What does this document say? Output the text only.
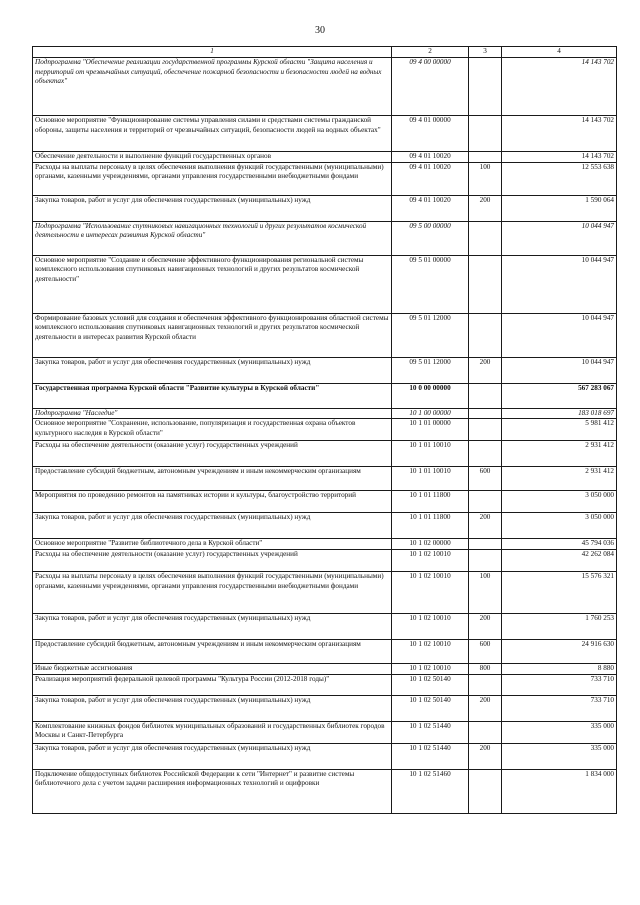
30
1	2	3	4
Подпрограмма "Обеспечение реализации государственной программы Курской области "Защита населения и территорий от чрезвычайных ситуаций, обеспечение пожарной безопасности и безопасности людей на водных объектах"	09 4 00 00000		14 143 702
Основное мероприятие "Функционирование системы управления силами и средствами системы гражданской обороны, защиты населения и территорий от чрезвычайных ситуаций, безопасности людей на водных объектах"	09 4 01 00000		14 143 702
Обеспечение деятельности и выполнение функций государственных органов	09 4 01 10020		14 143 702
Расходы на выплаты персоналу в целях обеспечения выполнения функций государственными (муниципальными) органами, казенными учреждениями, органами управления государственными внебюджетными фондами	09 4 01 10020	100	12 553 638
Закупка товаров, работ и услуг для обеспечения государственных (муниципальных) нужд	09 4 01 10020	200	1 590 064
Подпрограмма "Использование спутниковых навигационных технологий и других результатов космической деятельности в интересах развития Курской области"	09 5 00 00000		10 044 947
Основное мероприятие "Создание и обеспечение эффективного функционирования региональной системы комплексного использования спутниковых навигационных технологий и других результатов космической деятельности"	09 5 01 00000		10 044 947
Формирование базовых условий для создания и обеспечения эффективного функционирования областной системы комплексного использования спутниковых навигационных технологий и других результатов космической деятельности в интересах развития Курской области	09 5 01 12000		10 044 947
Закупка товаров, работ и услуг для обеспечения государственных (муниципальных) нужд	09 5 01 12000	200	10 044 947
Государственная программа Курской области "Развитие культуры в Курской области"	10 0 00 00000		567 283 067
Подпрограмма "Наследие"	10 1 00 00000		183 018 697
Основное мероприятие "Сохранение, использование, популяризация и государственная охрана объектов культурного наследия в Курской области"	10 1 01 00000		5 981 412
Расходы на обеспечение деятельности (оказание услуг) государственных учреждений	10 1 01 10010		2 931 412
Предоставление субсидий бюджетным, автономным учреждениям и иным некоммерческим организациям	10 1 01 10010	600	2 931 412
Мероприятия по проведению ремонтов на памятниках истории и культуры, благоустройство территорий	10 1 01 11800		3 050 000
Закупка товаров, работ и услуг для обеспечения государственных (муниципальных) нужд	10 1 01 11800	200	3 050 000
Основное мероприятие "Развитие библиотечного дела в Курской области"	10 1 02 00000		45 794 036
Расходы на обеспечение деятельности (оказание услуг) государственных учреждений	10 1 02 10010		42 262 084
Расходы на выплаты персоналу в целях обеспечения выполнения функций государственными (муниципальными) органами, казенными учреждениями, органами управления государственными внебюджетными фондами	10 1 02 10010	100	15 576 321
Закупка товаров, работ и услуг для обеспечения государственных (муниципальных) нужд	10 1 02 10010	200	1 760 253
Предоставление субсидий бюджетным, автономным учреждениям и иным некоммерческим организациям	10 1 02 10010	600	24 916 630
Иные бюджетные ассигнования	10 1 02 10010	800	8 880
Реализация мероприятий федеральной целевой программы "Культура России (2012-2018 годы)"	10 1 02 50140		733 710
Закупка товаров, работ и услуг для обеспечения государственных (муниципальных) нужд	10 1 02 50140	200	733 710
Комплектование книжных фондов библиотек муниципальных образований и государственных библиотек городов Москвы и Санкт-Петербурга	10 1 02 51440		335 000
Закупка товаров, работ и услуг для обеспечения государственных (муниципальных) нужд	10 1 02 51440	200	335 000
Подключение общедоступных библиотек Российской Федерации к сети "Интернет" и развитие системы библиотечного дела с учетом задачи расширения информационных технологий и оцифровки	10 1 02 51460		1 834 000
